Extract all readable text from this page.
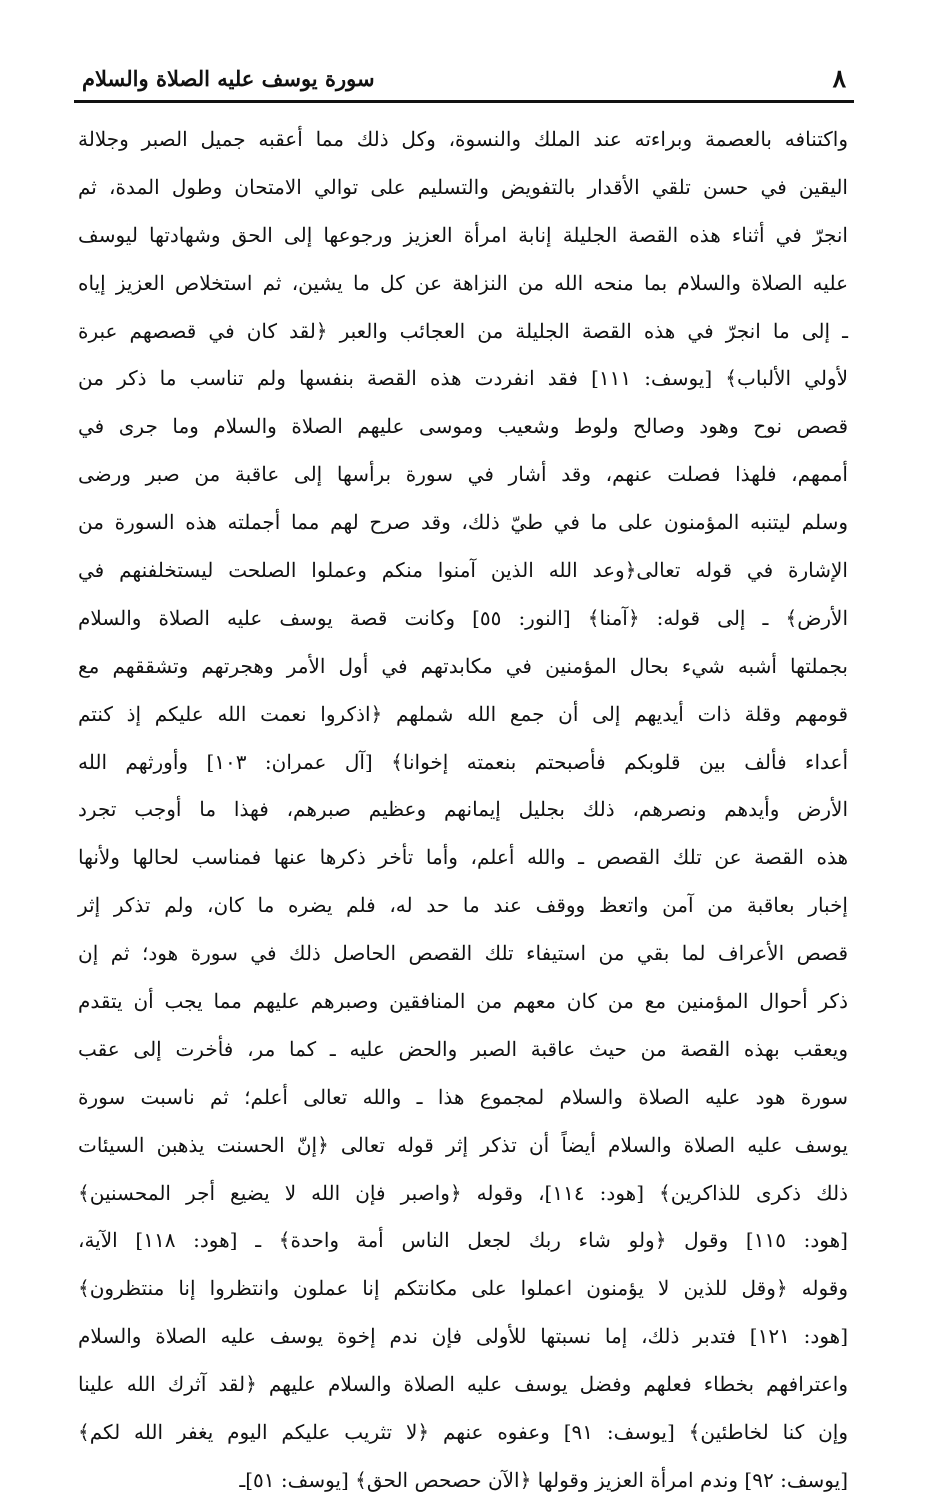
٨
سورة يوسف عليه الصلاة والسلام
واكتنافه بالعصمة وبراءته عند الملك والنسوة، وكل ذلك مما أعقبه جميل الصبر وجلالة
اليقين في حسن تلقي الأقدار بالتفويض والتسليم على توالي الامتحان وطول المدة، ثم
انجرّ في أثناء هذه القصة الجليلة إنابة امرأة العزيز ورجوعها إلى الحق وشهادتها ليوسف
عليه الصلاة والسلام بما منحه الله من النزاهة عن كل ما يشين، ثم استخلاص العزيز إياه
ـ إلى ما انجرّ في هذه القصة الجليلة من العجائب والعبر ﴿لقد كان في قصصهم عبرة
لأولي الألباب﴾ [يوسف: ١١١] فقد انفردت هذه القصة بنفسها ولم تناسب ما ذكر من
قصص نوح وهود وصالح ولوط وشعيب وموسى عليهم الصلاة والسلام وما جرى في
أممهم، فلهذا فصلت عنهم، وقد أشار في سورة برأسها إلى عاقبة من صبر ورضى
وسلم ليتنبه المؤمنون على ما في طيّ ذلك، وقد صرح لهم مما أجملته هذه السورة من
الإشارة في قوله تعالى﴿وعد الله الذين آمنوا منكم وعملوا الصلحت ليستخلفنهم في
الأرض﴾ ـ إلى قوله: ﴿آمنا﴾ [النور: ٥٥] وكانت قصة يوسف عليه الصلاة والسلام
بجملتها أشبه شيء بحال المؤمنين في مكابدتهم في أول الأمر وهجرتهم وتشققهم مع
قومهم وقلة ذات أيديهم إلى أن جمع الله شملهم ﴿اذكروا نعمت الله عليكم إذ كنتم
أعداء فألف بين قلوبكم فأصبحتم بنعمته إخوانا﴾ [آل عمران: ١٠٣] وأورثهم الله
الأرض وأيدهم ونصرهم، ذلك بجليل إيمانهم وعظيم صبرهم، فهذا ما أوجب تجرد
هذه القصة عن تلك القصص ـ والله أعلم، وأما تأخر ذكرها عنها فمناسب لحالها ولأنها
إخبار بعاقبة من آمن واتعظ ووقف عند ما حد له، فلم يضره ما كان، ولم تذكر إثر
قصص الأعراف لما بقي من استيفاء تلك القصص الحاصل ذلك في سورة هود؛ ثم إن
ذكر أحوال المؤمنين مع من كان معهم من المنافقين وصبرهم عليهم مما يجب أن يتقدم
ويعقب بهذه القصة من حيث عاقبة الصبر والحض عليه ـ كما مر، فأخرت إلى عقب
سورة هود عليه الصلاة والسلام لمجموع هذا ـ والله تعالى أعلم؛ ثم ناسبت سورة
يوسف عليه الصلاة والسلام أيضاً أن تذكر إثر قوله تعالى ﴿إنّ الحسنت يذهبن السيئات
ذلك ذكرى للذاكرين﴾ [هود: ١١٤]، وقوله ﴿واصبر فإن الله لا يضيع أجر المحسنين﴾
[هود: ١١٥] وقول ﴿ولو شاء ربك لجعل الناس أمة واحدة﴾ ـ [هود: ١١٨] الآية،
وقوله ﴿وقل للذين لا يؤمنون اعملوا على مكانتكم إنا عملون وانتظروا إنا منتظرون﴾
[هود: ١٢١] فتدبر ذلك، إما نسبتها للأولى فإن ندم إخوة يوسف عليه الصلاة والسلام
واعترافهم بخطاء فعلهم وفضل يوسف عليه الصلاة والسلام عليهم ﴿لقد آثرك الله علينا
وإن كنا لخاطئين﴾ [يوسف: ٩١] وعفوه عنهم ﴿لا تثريب عليكم اليوم يغفر الله لكم﴾
[يوسف: ٩٢] وندم امرأة العزيز وقولها ﴿الآن حصحص الحق﴾ [يوسف: ٥١]ـ
